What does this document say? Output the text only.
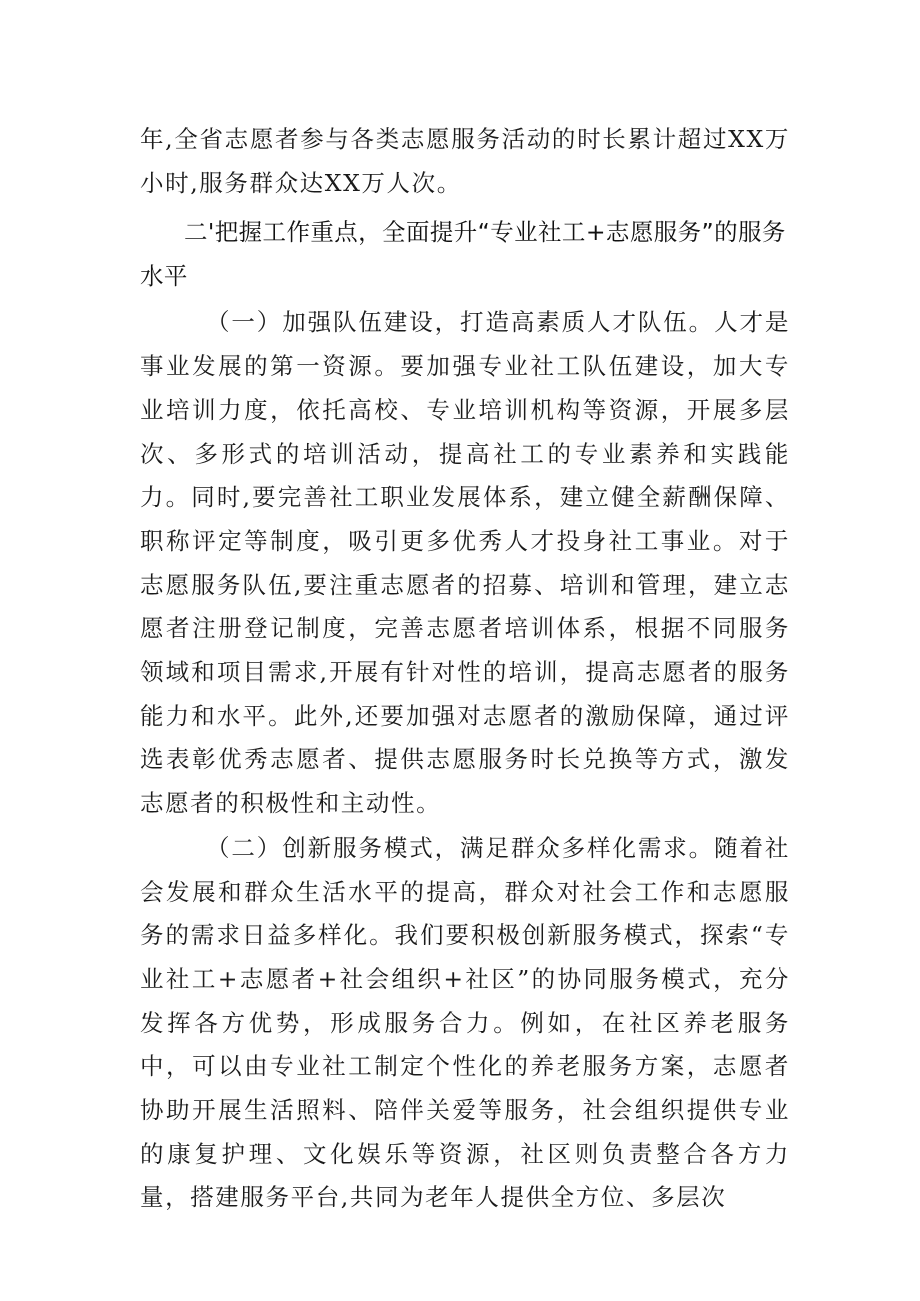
年,全省志愿者参与各类志愿服务活动的时长累计超过XX万小时,服务群众达XX万人次。

二'把握工作重点，全面提升“专业社工+志愿服务”的服务水平

（一）加强队伍建设，打造高素质人才队伍。人才是事业发展的第一资源。要加强专业社工队伍建设，加大专业培训力度，依托高校、专业培训机构等资源，开展多层次、多形式的培训活动，提高社工的专业素养和实践能力。同时,要完善社工职业发展体系，建立健全薪酬保障、职称评定等制度，吸引更多优秀人才投身社工事业。对于志愿服务队伍,要注重志愿者的招募、培训和管理，建立志愿者注册登记制度，完善志愿者培训体系，根据不同服务领域和项目需求,开展有针对性的培训，提高志愿者的服务能力和水平。此外,还要加强对志愿者的激励保障，通过评选表彰优秀志愿者、提供志愿服务时长兑换等方式，激发志愿者的积极性和主动性。

（二）创新服务模式，满足群众多样化需求。随着社会发展和群众生活水平的提高，群众对社会工作和志愿服务的需求日益多样化。我们要积极创新服务模式，探索“专业社工+志愿者+社会组织+社区”的协同服务模式，充分发挥各方优势，形成服务合力。例如，在社区养老服务中，可以由专业社工制定个性化的养老服务方案，志愿者协助开展生活照料、陪伴关爱等服务，社会组织提供专业的康复护理、文化娱乐等资源，社区则负责整合各方力量，搭建服务平台,共同为老年人提供全方位、多层次
